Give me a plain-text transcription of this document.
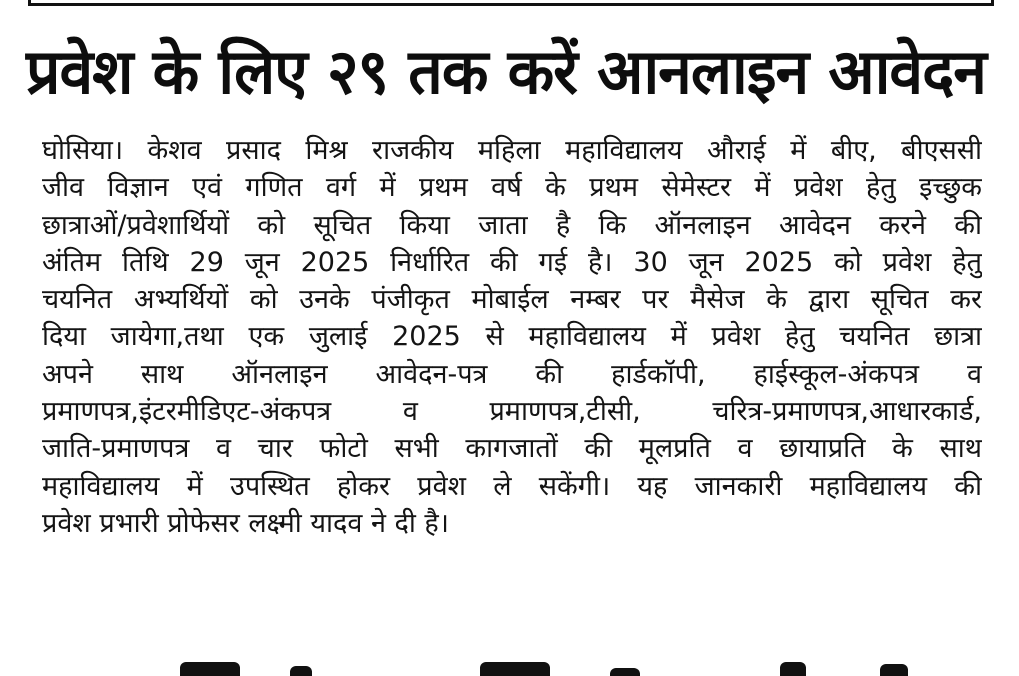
प्रवेश के लिए २९ तक करें आनलाइन आवेदन
घोसिया। केशव प्रसाद मिश्र राजकीय महिला महाविद्यालय औराई में बीए, बीएससी
जीव विज्ञान एवं गणित वर्ग में प्रथम वर्ष के प्रथम सेमेस्टर में प्रवेश हेतु इच्छुक
छात्राओं/प्रवेशार्थियों को सूचित किया जाता है कि ऑनलाइन आवेदन करने की
अंतिम तिथि 29 जून 2025 निर्धारित की गई है। 30 जून 2025 को प्रवेश हेतु
चयनित अभ्यर्थियों को उनके पंजीकृत मोबाईल नम्बर पर मैसेज के द्वारा सूचित कर
दिया जायेगा,तथा एक जुलाई 2025 से महाविद्यालय में प्रवेश हेतु चयनित छात्रा
अपने साथ ऑनलाइन आवेदन-पत्र की हार्डकॉपी, हाईस्कूल-अंकपत्र व
प्रमाणपत्र,इंटरमीडिएट-अंकपत्र व प्रमाणपत्र,टीसी, चरित्र-प्रमाणपत्र,आधारकार्ड,
जाति-प्रमाणपत्र व चार फोटो सभी कागजातों की मूलप्रति व छायाप्रति के साथ
महाविद्यालय में उपस्थित होकर प्रवेश ले सकेंगी। यह जानकारी महाविद्यालय की
प्रवेश प्रभारी प्रोफेसर लक्ष्मी यादव ने दी है।
